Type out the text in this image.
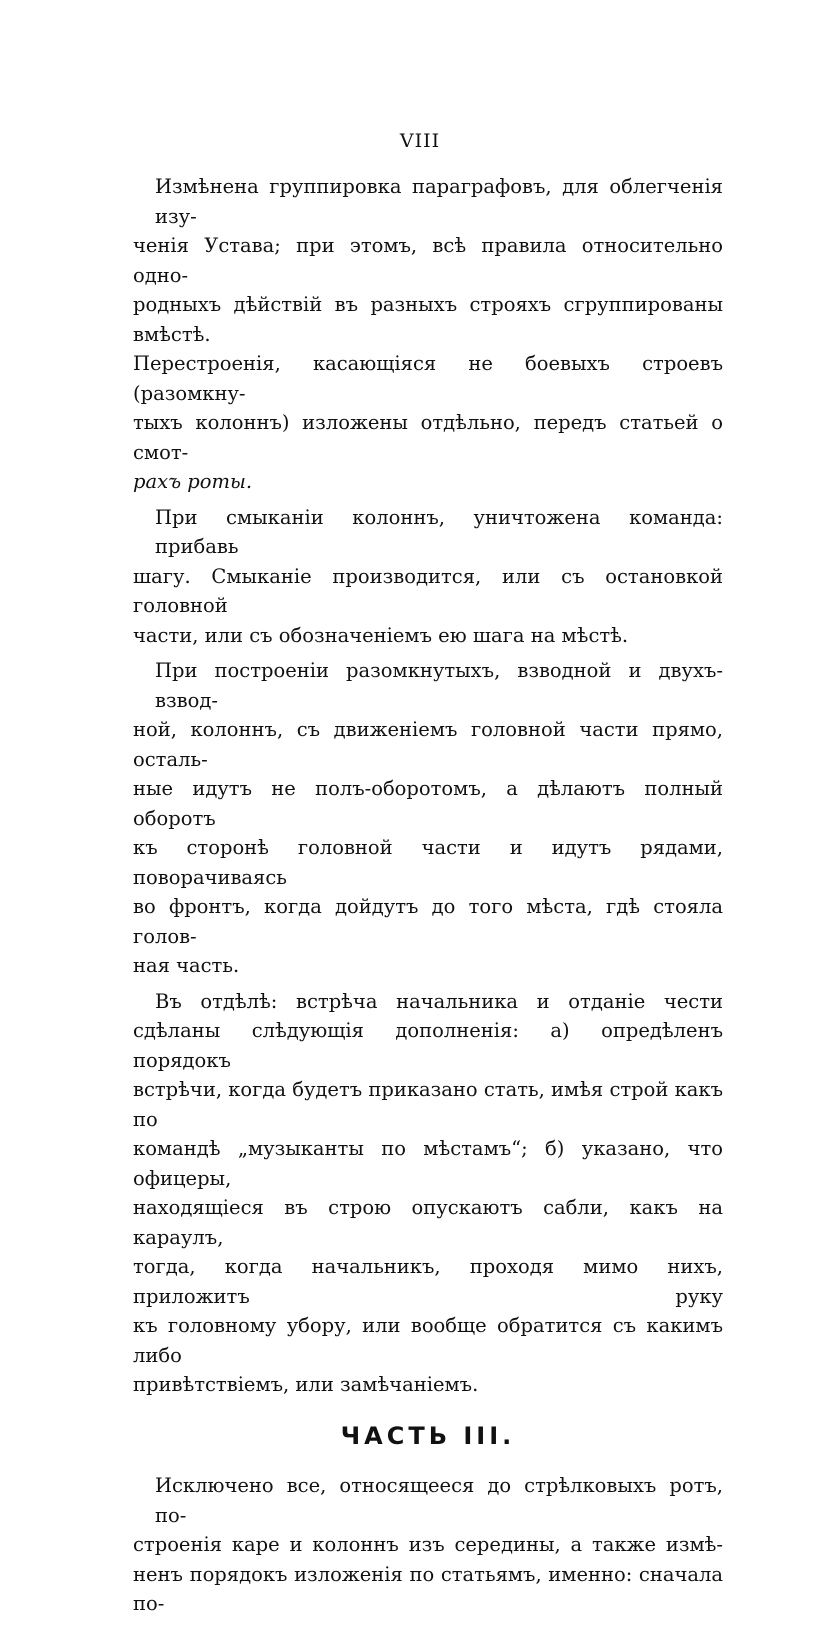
VIII

Измѣнена группировка параграфовъ, для облегченія изу-
ченія Устава; при этомъ, всѣ правила относительно одно-
родныхъ дѣйствій въ разныхъ строяхъ сгруппированы вмѣстѣ.
Перестроенія, касающіяся не боевыхъ строевъ (разомкну-
тыхъ колоннъ) изложены отдѣльно, передъ статьей о смот-
рахъ роты.

При смыканіи колоннъ, уничтожена команда: прибавь
шагу. Смыканіе производится, или съ остановкой головной
части, или съ обозначеніемъ ею шага на мѣстѣ.

При построеніи разомкнутыхъ, взводной и двухъ-взвод-
ной, колоннъ, съ движеніемъ головной части прямо, осталь-
ные идутъ не полъ-оборотомъ, а дѣлаютъ полный оборотъ
къ сторонѣ головной части и идутъ рядами, поворачиваясь
во фронтъ, когда дойдутъ до того мѣста, гдѣ стояла голов-
ная часть.

Въ отдѣлѣ: встрѣча начальника и отданіе чести
сдѣланы слѣдующія дополненія: а) опредѣленъ порядокъ
встрѣчи, когда будетъ приказано стать, имѣя строй какъ по
командѣ „музыканты по мѣстамъ“; б) указано, что офицеры,
находящіеся въ строю опускаютъ сабли, какъ на караулъ,
тогда, когда начальникъ, проходя мимо нихъ, приложитъ руку
къ головному убору, или вообще обратится съ какимъ либо
привѣтствіемъ, или замѣчаніемъ.

ЧАСТЬ III.

Исключено все, относящееся до стрѣлковыхъ ротъ, по-
строенія каре и колоннъ изъ середины, а также измѣ-
ненъ порядокъ изложенія по статьямъ, именно: сначала по-
